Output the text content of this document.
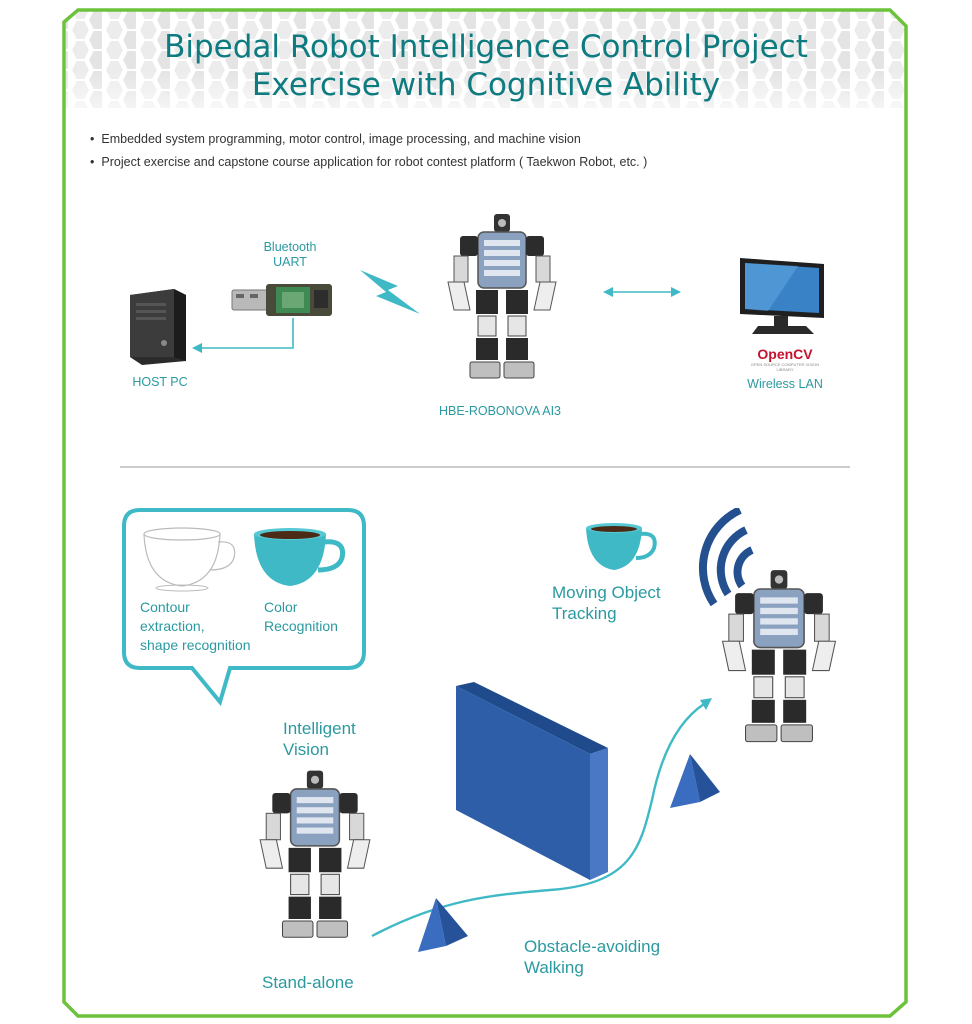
Bipedal Robot Intelligence Control Project
Exercise with Cognitive Ability
• Embedded system programming, motor control, image processing, and machine vision
• Project exercise and capstone course application for robot contest platform ( Taekwon Robot, etc. )
HOST PC
Bluetooth
UART
HBE-ROBONOVA AI3
OpenCV
OPEN SOURCE COMPUTER VISION LIBRARY
Wireless LAN
Contour
extraction,
shape recognition
Color
Recognition
Intelligent
Vision
Stand-alone
Obstacle-avoiding
Walking
Moving Object
Tracking
